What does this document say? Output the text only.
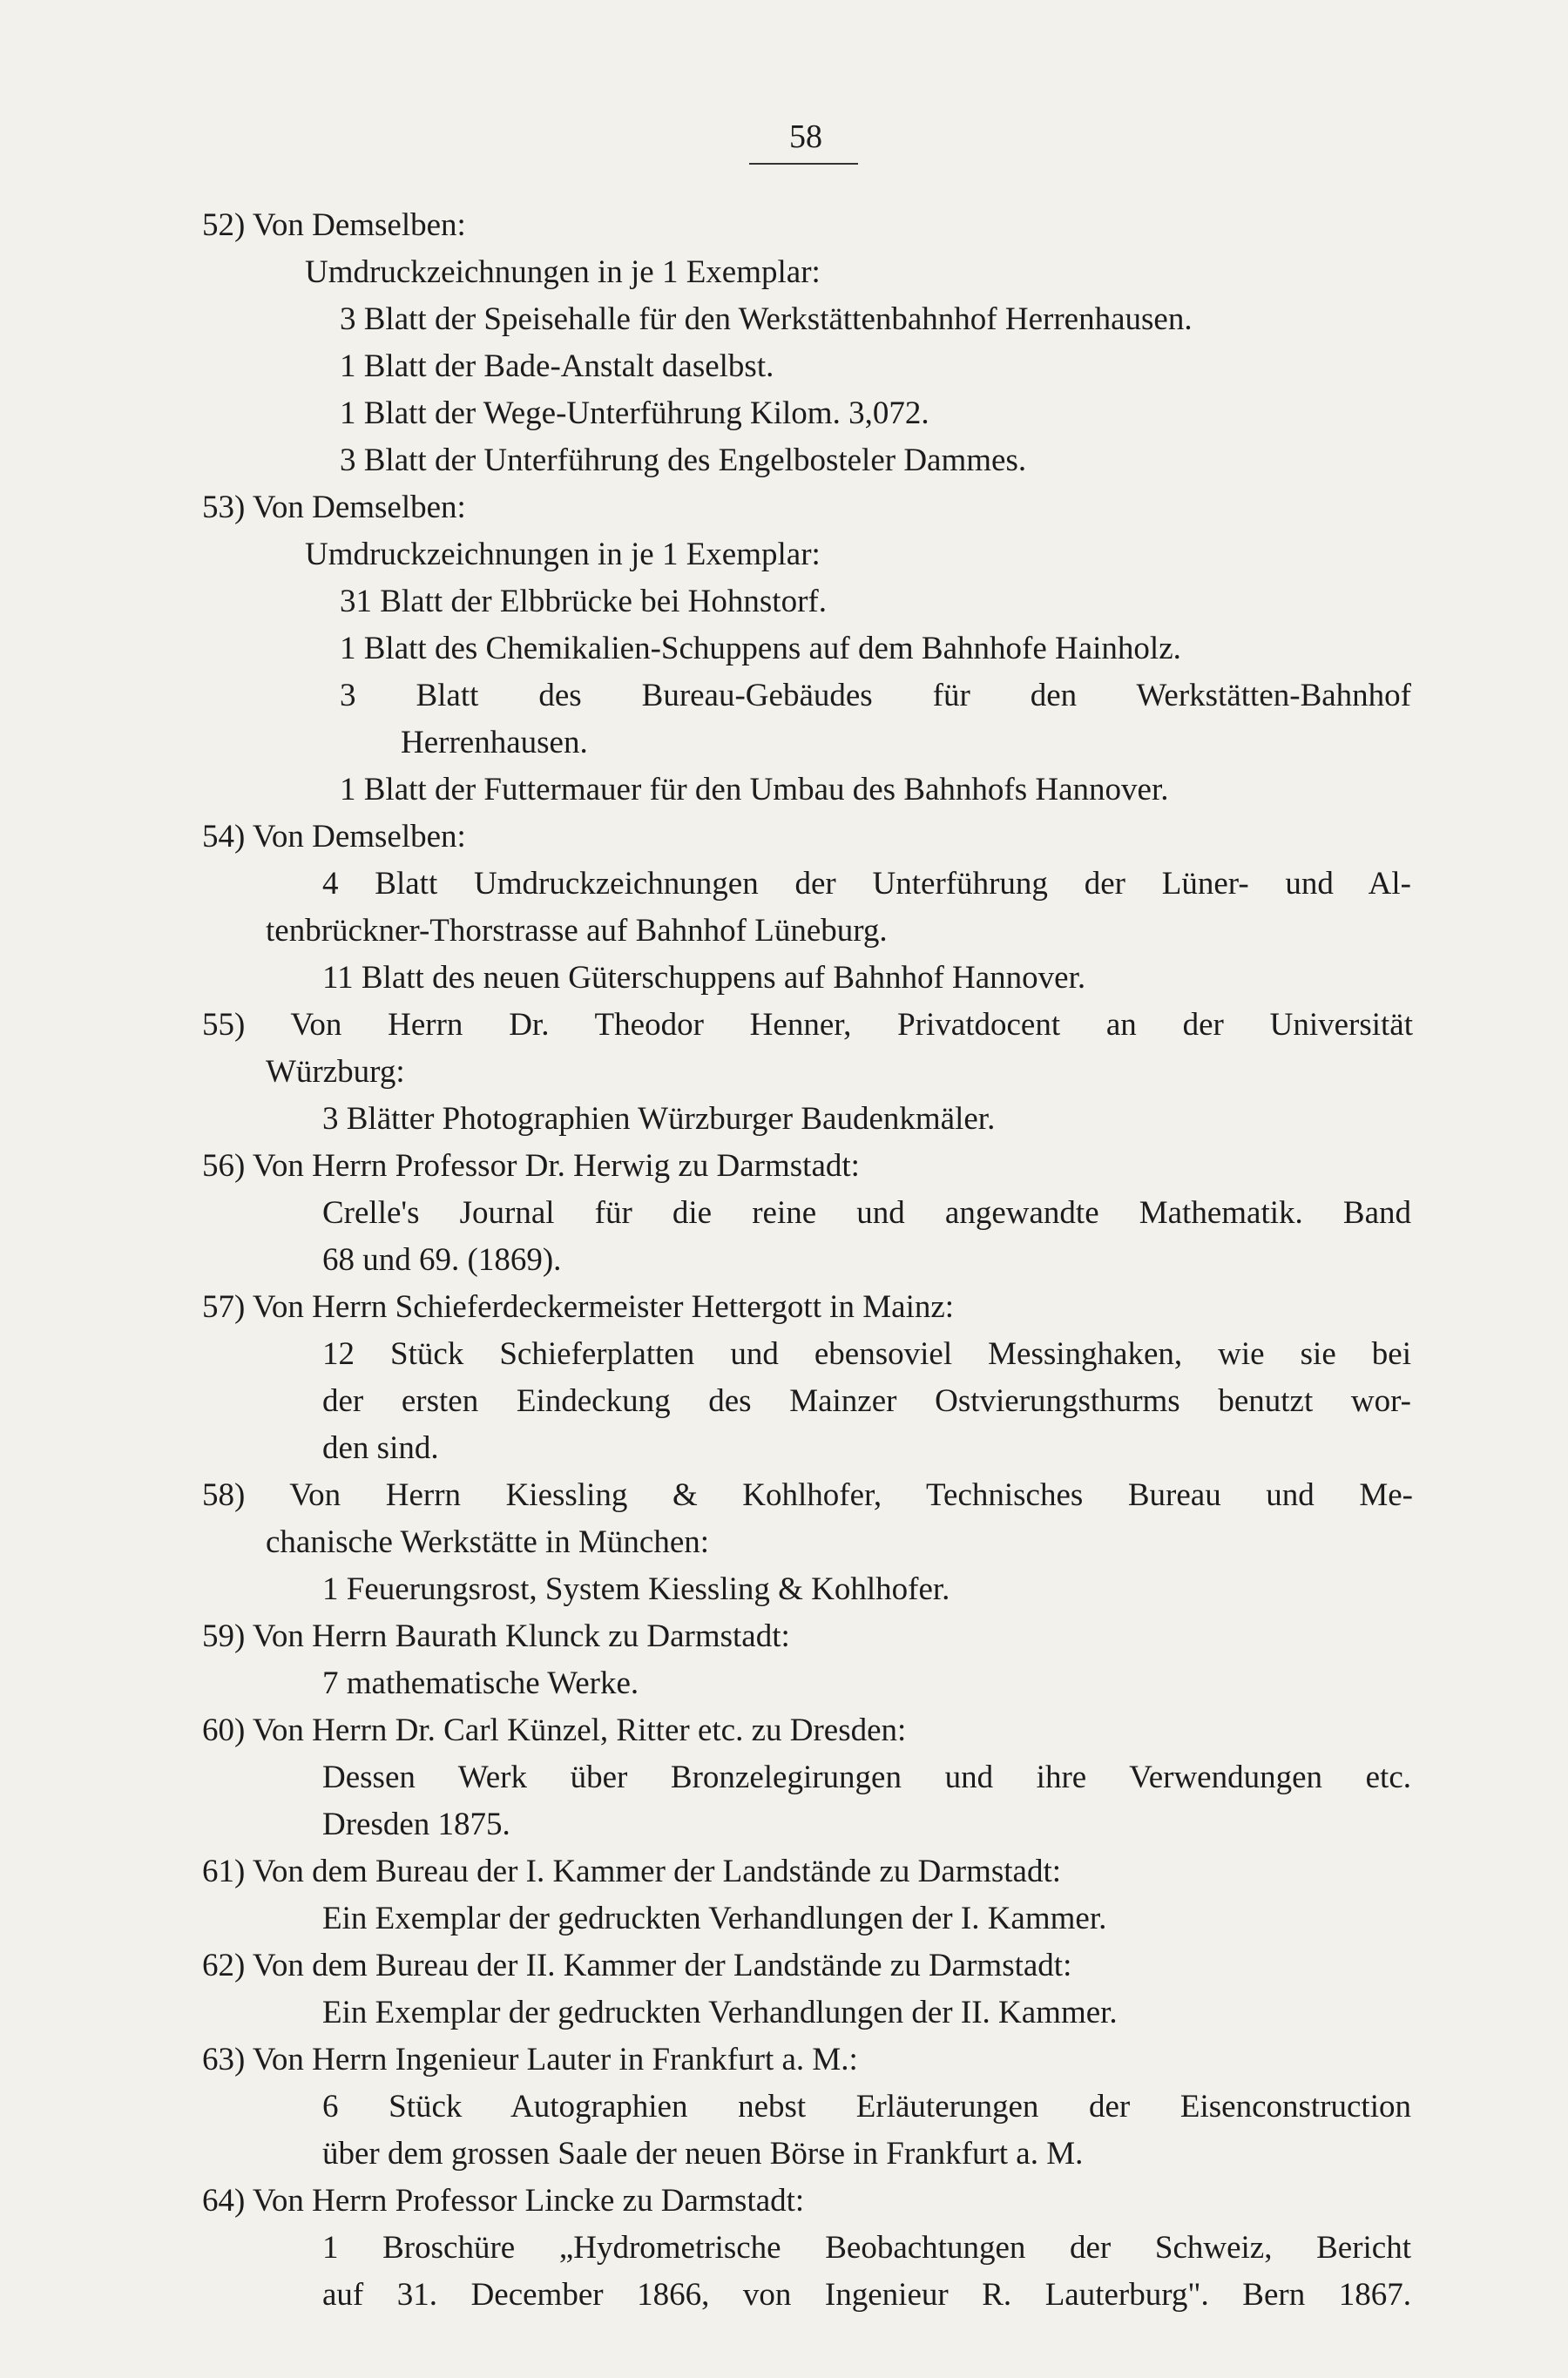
58
52) Von Demselben:
Umdruckzeichnungen in je 1 Exemplar:
3 Blatt der Speisehalle für den Werkstättenbahnhof Herrenhausen.
1 Blatt der Bade-Anstalt daselbst.
1 Blatt der Wege-Unterführung Kilom. 3,072.
3 Blatt der Unterführung des Engelbosteler Dammes.
53) Von Demselben:
Umdruckzeichnungen in je 1 Exemplar:
31 Blatt der Elbbrücke bei Hohnstorf.
1 Blatt des Chemikalien-Schuppens auf dem Bahnhofe Hainholz.
3 Blatt des Bureau-Gebäudes für den Werkstätten-Bahnhof
Herrenhausen.
1 Blatt der Futtermauer für den Umbau des Bahnhofs Hannover.
54) Von Demselben:
4 Blatt Umdruckzeichnungen der Unterführung der Lüner- und Al-
tenbrückner-Thorstrasse auf Bahnhof Lüneburg.
11 Blatt des neuen Güterschuppens auf Bahnhof Hannover.
55) Von Herrn Dr. Theodor Henner, Privatdocent an der Universität
Würzburg:
3 Blätter Photographien Würzburger Baudenkmäler.
56) Von Herrn Professor Dr. Herwig zu Darmstadt:
Crelle's Journal für die reine und angewandte Mathematik. Band
68 und 69. (1869).
57) Von Herrn Schieferdeckermeister Hettergott in Mainz:
12 Stück Schieferplatten und ebensoviel Messinghaken, wie sie bei
der ersten Eindeckung des Mainzer Ostvierungsthurms benutzt wor-
den sind.
58) Von Herrn Kiessling & Kohlhofer, Technisches Bureau und Me-
chanische Werkstätte in München:
1 Feuerungsrost, System Kiessling & Kohlhofer.
59) Von Herrn Baurath Klunck zu Darmstadt:
7 mathematische Werke.
60) Von Herrn Dr. Carl Künzel, Ritter etc. zu Dresden:
Dessen Werk über Bronzelegirungen und ihre Verwendungen etc.
Dresden 1875.
61) Von dem Bureau der I. Kammer der Landstände zu Darmstadt:
Ein Exemplar der gedruckten Verhandlungen der I. Kammer.
62) Von dem Bureau der II. Kammer der Landstände zu Darmstadt:
Ein Exemplar der gedruckten Verhandlungen der II. Kammer.
63) Von Herrn Ingenieur Lauter in Frankfurt a. M.:
6 Stück Autographien nebst Erläuterungen der Eisenconstruction
über dem grossen Saale der neuen Börse in Frankfurt a. M.
64) Von Herrn Professor Lincke zu Darmstadt:
1 Broschüre „Hydrometrische Beobachtungen der Schweiz, Bericht
auf 31. December 1866, von Ingenieur R. Lauterburg". Bern 1867.
